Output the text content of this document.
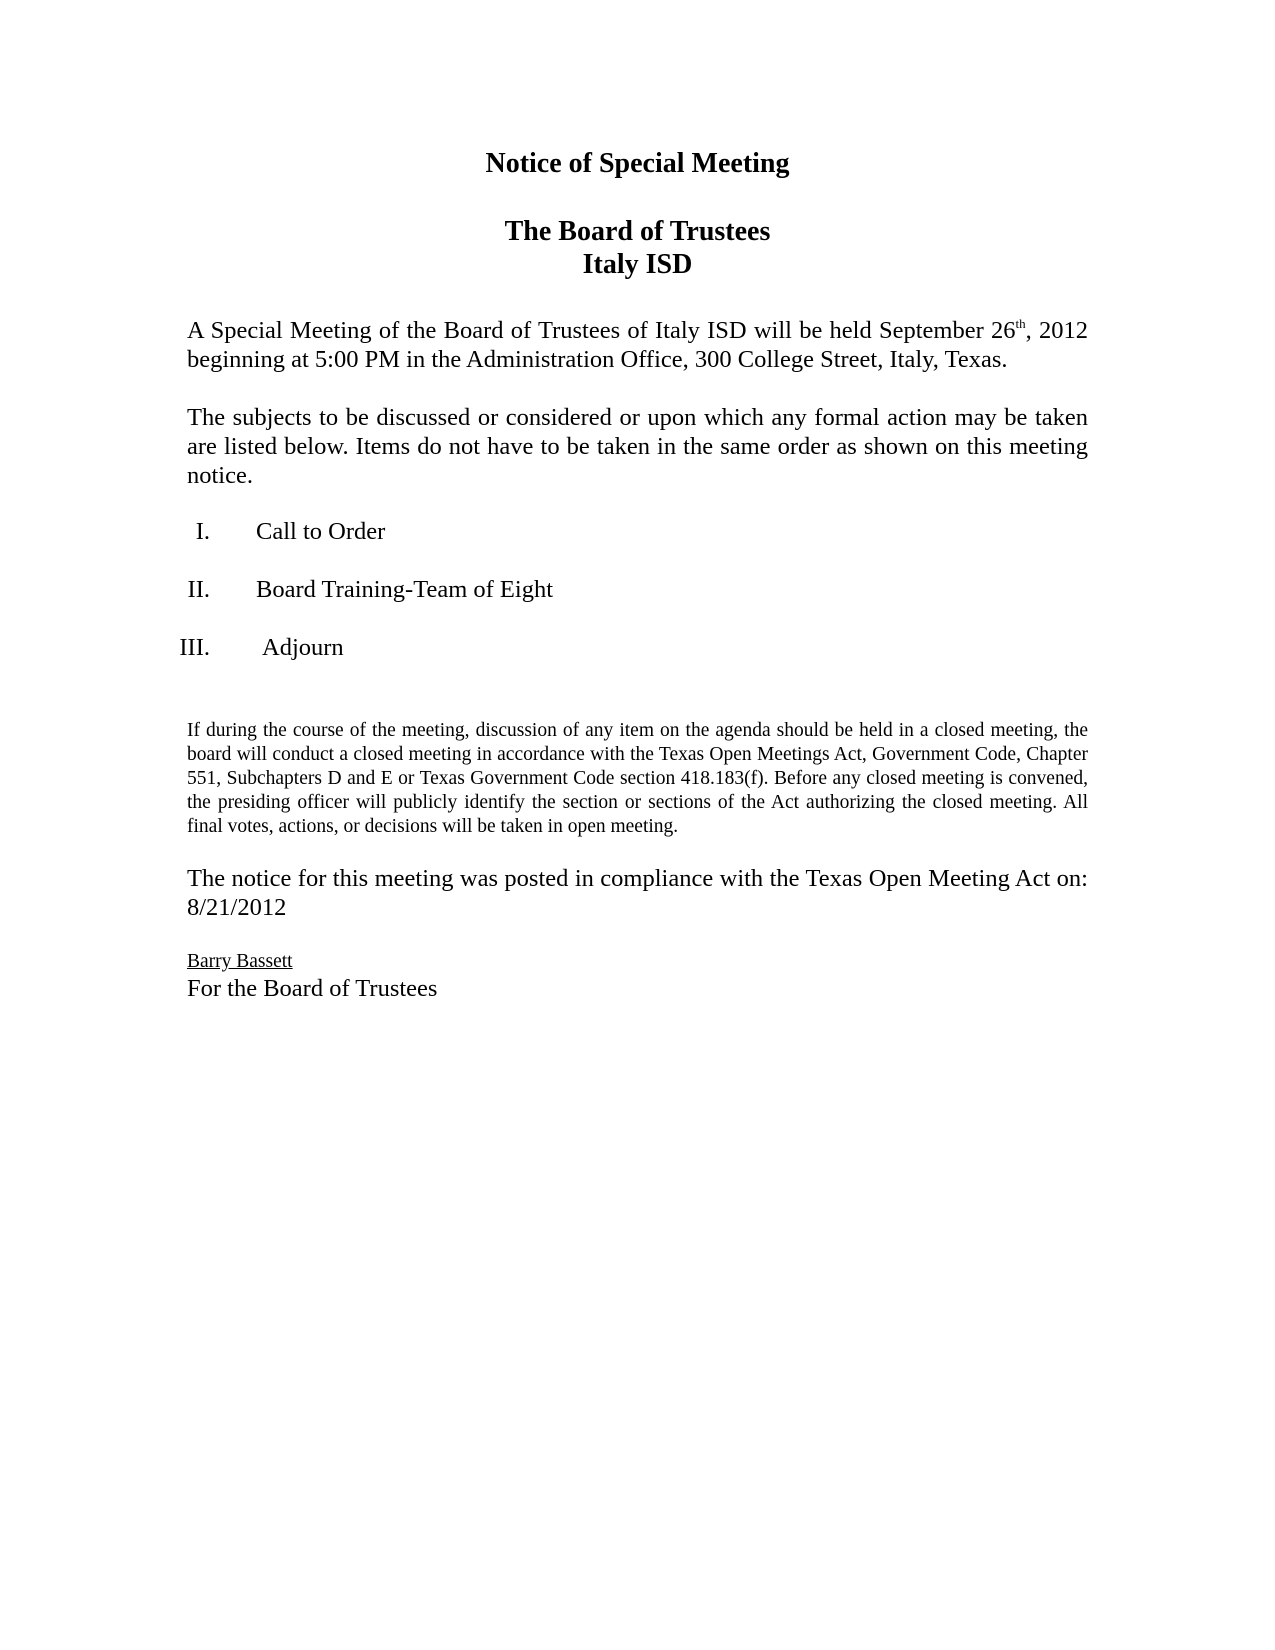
Notice of Special Meeting
The Board of Trustees
Italy ISD

A Special Meeting of the Board of Trustees of Italy ISD will be held September 26th, 2012 beginning at 5:00 PM in the Administration Office, 300 College Street, Italy, Texas.

The subjects to be discussed or considered or upon which any formal action may be taken are listed below. Items do not have to be taken in the same order as shown on this meeting notice.

I. Call to Order
II. Board Training-Team of Eight
III. Adjourn

If during the course of the meeting, discussion of any item on the agenda should be held in a closed meeting, the board will conduct a closed meeting in accordance with the Texas Open Meetings Act, Government Code, Chapter 551, Subchapters D and E or Texas Government Code section 418.183(f). Before any closed meeting is convened, the presiding officer will publicly identify the section or sections of the Act authorizing the closed meeting. All final votes, actions, or decisions will be taken in open meeting.

The notice for this meeting was posted in compliance with the Texas Open Meeting Act on: 8/21/2012

Barry Bassett

For the Board of Trustees
